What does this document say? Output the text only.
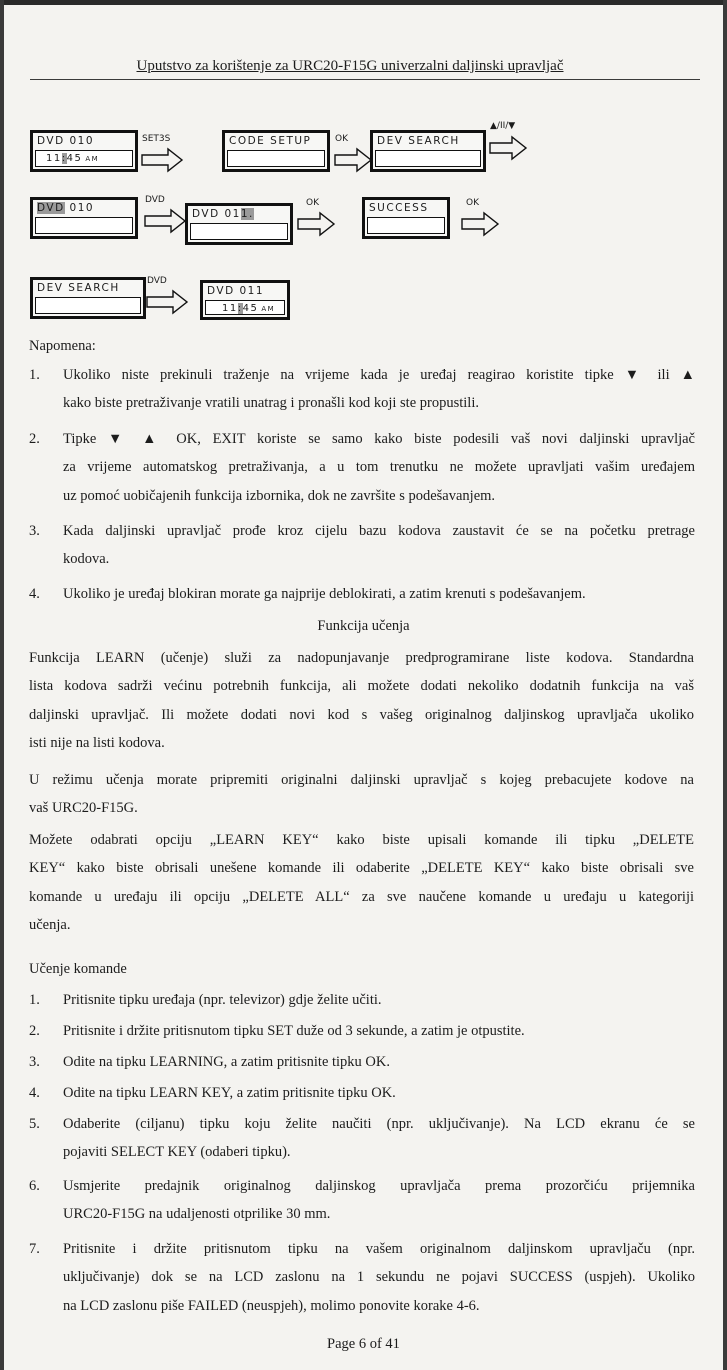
Uputstvo za korištenje za URC20-F15G univerzalni daljinski upravljač
DVD 010
11:45 AM
SET3S	CODE SETUP	OK	DEV SEARCH
▲/II/▼
DVD 010
DVD
DVD 011.
OK	SUCCESS	OK
DEV SEARCH
DVD
DVD 011
11:45 AM
Napomena:
1. Ukoliko niste prekinuli traženje na vrijeme kada je uređaj reagirao koristite tipke ▼ ili ▲
kako biste pretraživanje vratili unatrag i pronašli kod koji ste propustili.
2. Tipke ▼ ▲ OK, EXIT koriste se samo kako biste podesili vaš novi daljinski upravljač
za vrijeme automatskog pretraživanja, a u tom trenutku ne možete upravljati vašim uređajem
uz pomoć uobičajenih funkcija izbornika, dok ne završite s podešavanjem.
3. Kada daljinski upravljač prođe kroz cijelu bazu kodova zaustavit će se na početku pretrage
kodova.
4. Ukoliko je uređaj blokiran morate ga najprije deblokirati, a zatim krenuti s podešavanjem.
Funkcija učenja
Funkcija LEARN (učenje) služi za nadopunjavanje predprogramirane liste kodova. Standardna
lista kodova sadrži većinu potrebnih funkcija, ali možete dodati nekoliko dodatnih funkcija na vaš
daljinski upravljač. Ili možete dodati novi kod s vašeg originalnog daljinskog upravljača ukoliko
isti nije na listi kodova.
U režimu učenja morate pripremiti originalni daljinski upravljač s kojeg prebacujete kodove na
vaš URC20-F15G.
Možete odabrati opciju „LEARN KEY“ kako biste upisali komande ili tipku „DELETE
KEY“ kako biste obrisali unešene komande ili odaberite „DELETE KEY“ kako biste obrisali sve
komande u uređaju ili opciju „DELETE ALL“ za sve naučene komande u uređaju u kategoriji
učenja.
Učenje komande
1. Pritisnite tipku uređaja (npr. televizor) gdje želite učiti.
2. Pritisnite i držite pritisnutom tipku SET duže od 3 sekunde, a zatim je otpustite.
3. Odite na tipku LEARNING, a zatim pritisnite tipku OK.
4. Odite na tipku LEARN KEY, a zatim pritisnite tipku OK.
5. Odaberite (ciljanu) tipku koju želite naučiti (npr. uključivanje). Na LCD ekranu će se
pojaviti SELECT KEY (odaberi tipku).
6. Usmjerite predajnik originalnog daljinskog upravljača prema prozorčiću prijemnika
URC20-F15G na udaljenosti otprilike 30 mm.
7. Pritisnite i držite pritisnutom tipku na vašem originalnom daljinskom upravljaču (npr.
uključivanje) dok se na LCD zaslonu na 1 sekundu ne pojavi SUCCESS (uspjeh). Ukoliko
na LCD zaslonu piše FAILED (neuspjeh), molimo ponovite korake 4-6.
Page 6 of 41
